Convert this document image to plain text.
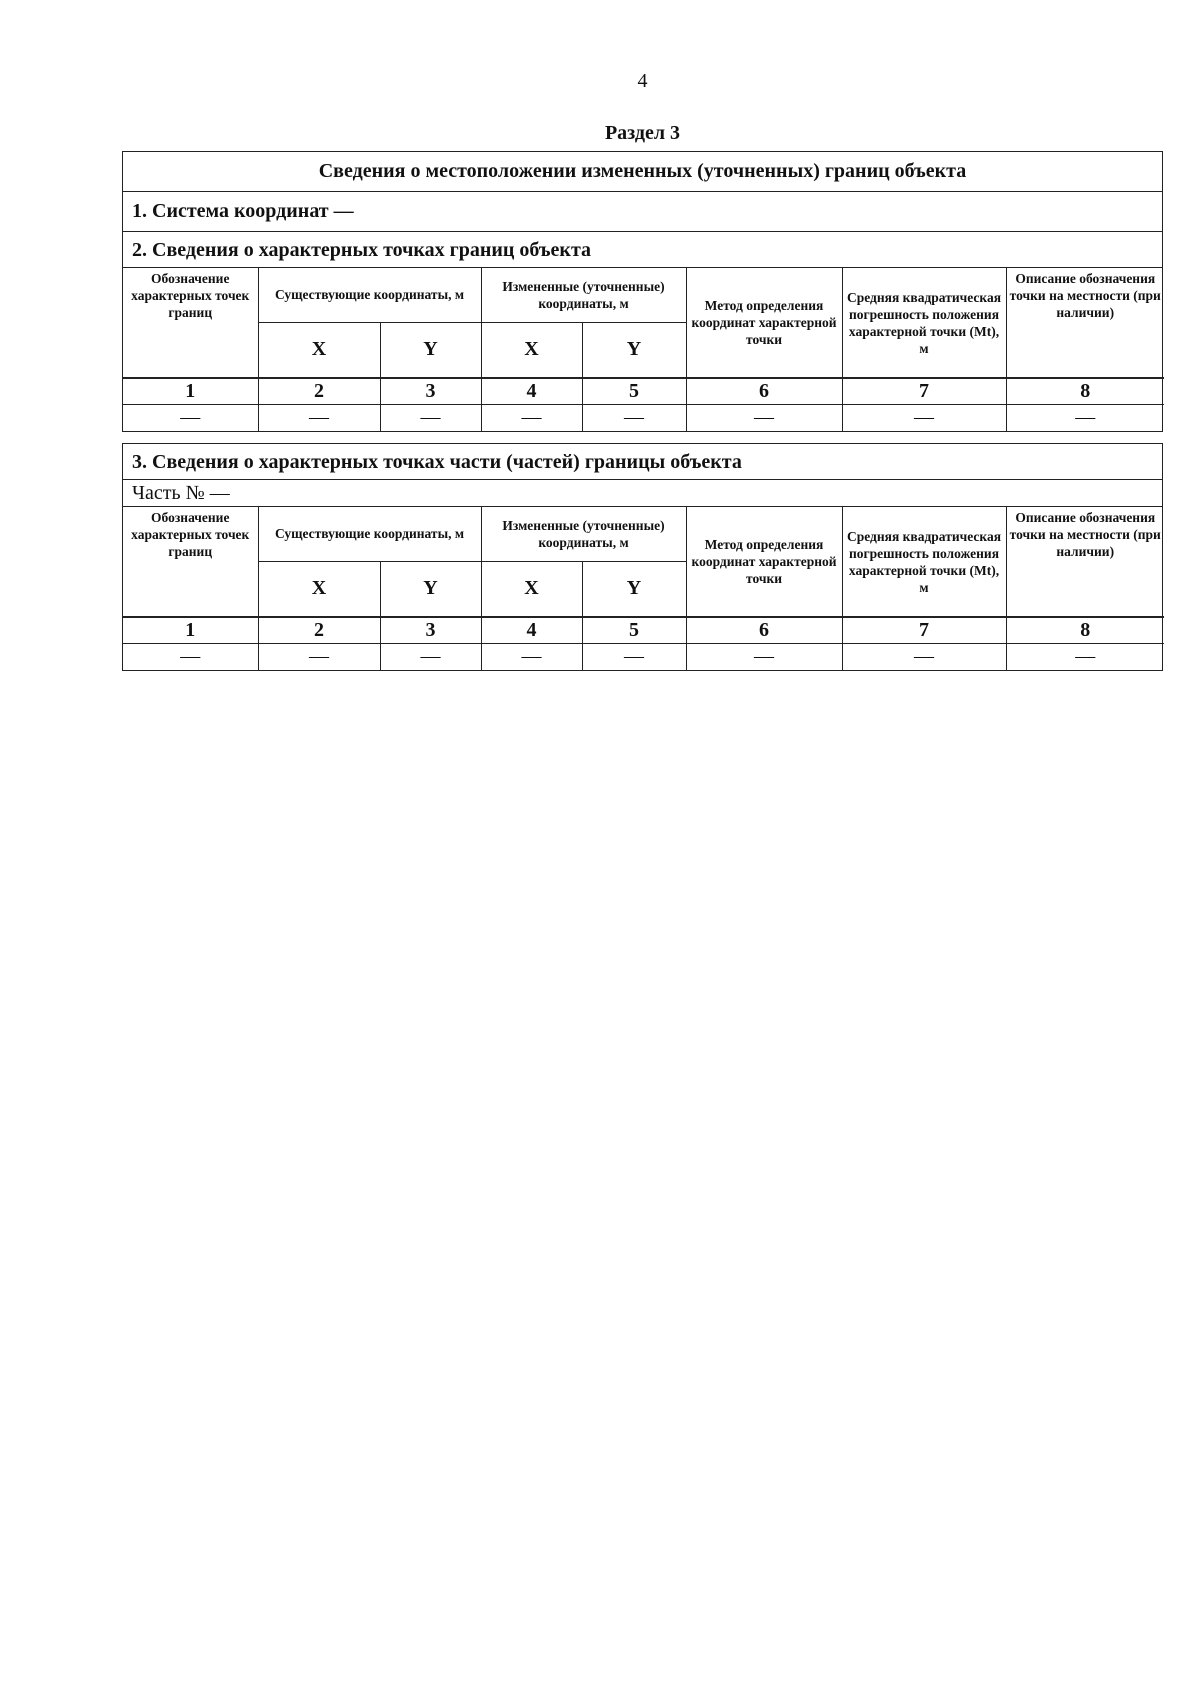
4
Раздел 3
Сведения о местоположении измененных (уточненных) границ объекта
1. Система координат —
2. Сведения о характерных точках границ объекта
Обозначение характерных точек границ	Существующие координаты, м		Измененные (уточненные) координаты, м		Метод определения координат характерной точки	Средняя квадратическая погрешность положения характерной точки (Mt), м	Описание обозначения точки на местности (при наличии)
	X	Y	X	Y			
1	2	3	4	5	6	7	8
—	—	—	—	—	—	—	—
3. Сведения о характерных точках части (частей) границы объекта
Часть № —
Обозначение характерных точек границ	Существующие координаты, м		Измененные (уточненные) координаты, м		Метод определения координат характерной точки	Средняя квадратическая погрешность положения характерной точки (Mt), м	Описание обозначения точки на местности (при наличии)
	X	Y	X	Y			
1	2	3	4	5	6	7	8
—	—	—	—	—	—	—	—
